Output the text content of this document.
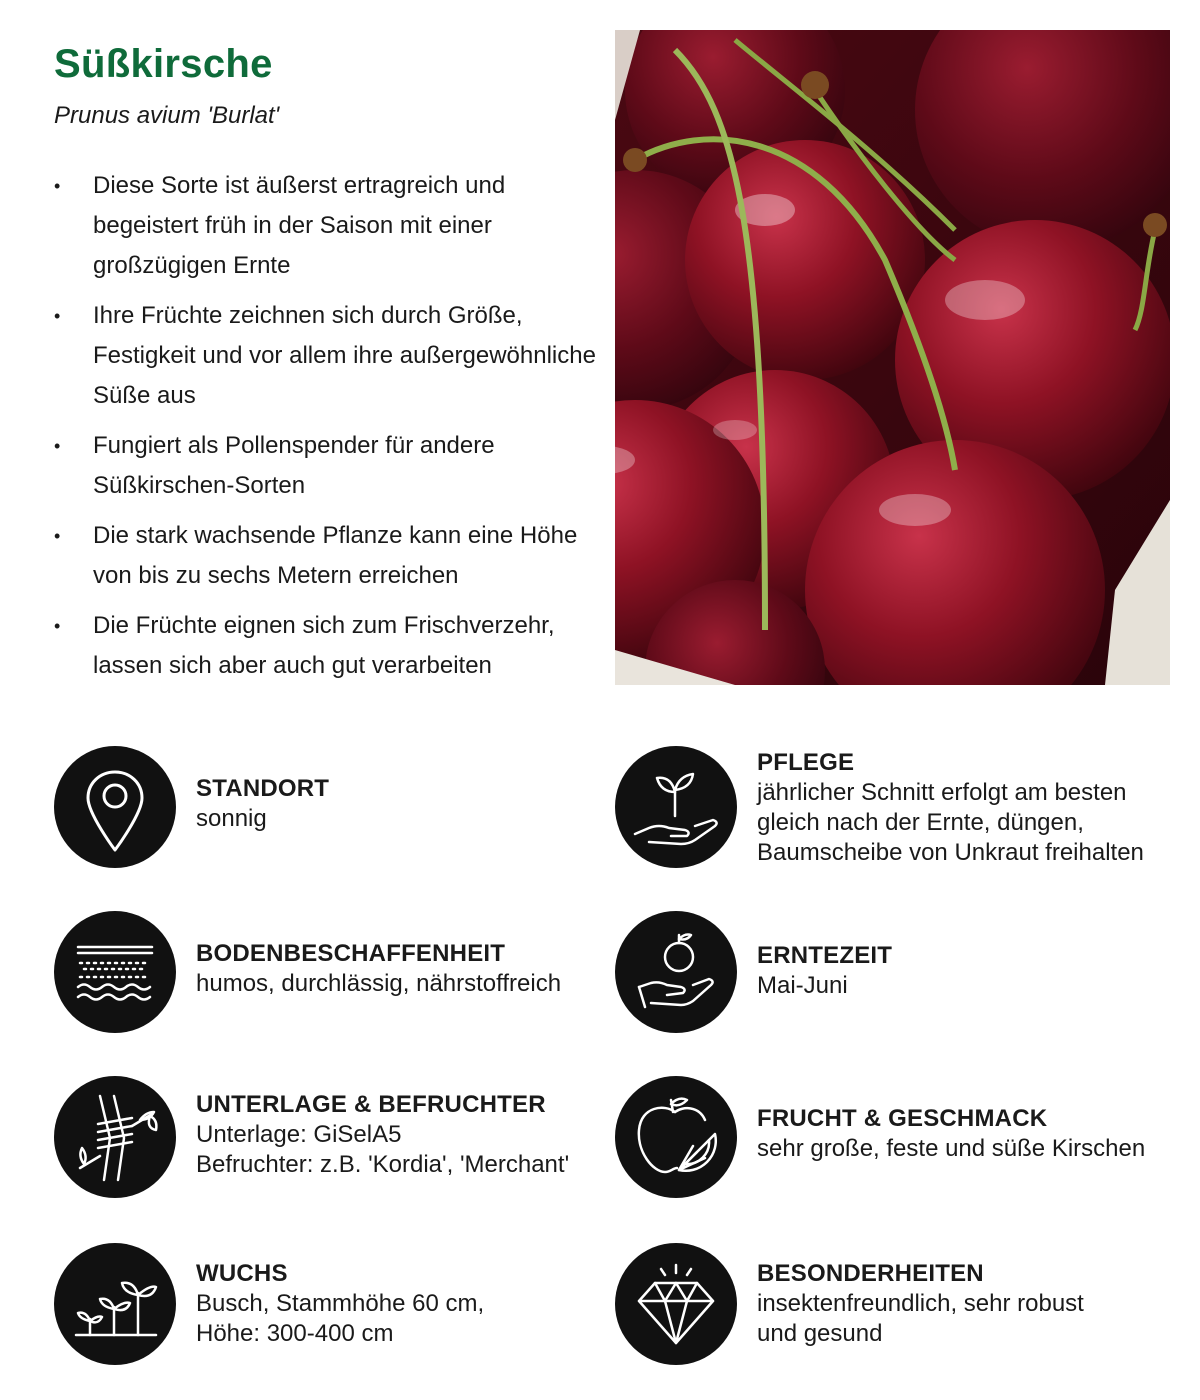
Süßkirsche
Prunus avium 'Burlat'
• Diese Sorte ist äußerst ertragreich und begeistert früh in der Saison mit einer großzügigen Ernte
• Ihre Früchte zeichnen sich durch Größe, Festigkeit und vor allem ihre außergewöhnliche Süße aus
• Fungiert als Pollenspender für andere Süßkirschen-Sorten
• Die stark wachsende Pflanze kann eine Höhe von bis zu sechs Metern erreichen
• Die Früchte eignen sich zum Frischverzehr, lassen sich aber auch gut verarbeiten
STANDORT
sonnig
BODENBESCHAFFENHEIT
humos, durchlässig, nährstoffreich
UNTERLAGE & BEFRUCHTER
Unterlage: GiSelA5
Befruchter: z.B. 'Kordia', 'Merchant'
WUCHS
Busch, Stammhöhe 60 cm,
Höhe: 300-400 cm
PFLEGE
jährlicher Schnitt erfolgt am besten
gleich nach der Ernte, düngen,
Baumscheibe von Unkraut freihalten
ERNTEZEIT
Mai-Juni
FRUCHT & GESCHMACK
sehr große, feste und süße Kirschen
BESONDERHEITEN
insektenfreundlich, sehr robust
und gesund
